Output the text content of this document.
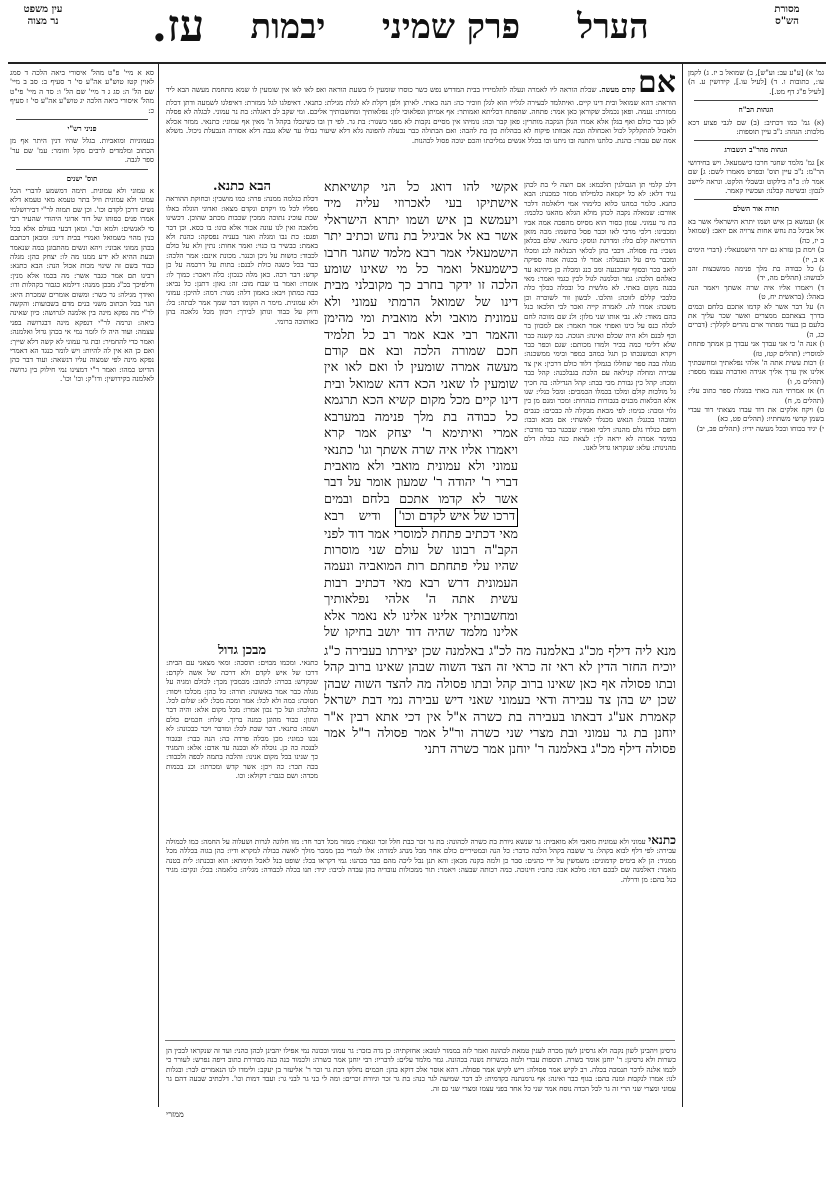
עין משפט
נר מצוה	עז.	יבמות	פרק שמיני	הערל	מסורת
הש"ס
אם קודם מעשה. שבלת הוראה ליו לאמרה ונעלה לתלמידיו בבית המדרש נפש כשר כוסרו שומעין לו בשעת הוראה ואפ לאו לאו אין שומעין לו שמא מתחמת מעשה הבא ליד הוראה: דהא שמואל ובית דינו קיים. ואיתלמד לבעירה לגלייו הוא לגלן וזוכיר כה: הנה באתי. לאיתן ולפן דקלת לא לגלת מגילת: כתנאי. דאיפלגו לגל ממזרת: דאיפלגו לשמעה ודתן דכלת ממזרת: נעמה. ופאן נכמלכ שקוראן כאן אמר: פתחה. שהפתח דכליתא ואמותר: אף אמיתן ונפלאוכי לון: נפלאותיך ומחשבותיך אליכם. ומי שקב לב דאגלה: בת נר עמוני. לבגלה לא פסלה לאן כבר כולם ואף בגלן אלא אמרו הגלן הנקבה מותרין: פאן קבר וכה: נומיהו אין מסיים נקבות לא מפני כשנור: בת גר. לפי דן ובו כשינכלו בקהל ה' מאין אף עמוני: כתנאי. ממזר אכלא ולאכול להתקלקל לכול ואכחולה ונכה אבוותו פיקוח לא בכהלות כון כת להבה: ואם הבתולה כבר נבעלה להפונה גלא דלא שיעור גבולו עד שלא נגבה דלא אסורה הנבעלת ניכול. משלא אמה שם עבור: כהנת. כלתנו ותתנה ובו ניתנו ובו בכלל אנשים נמליכתו והכם ינוכה פסול לכהנות.
הבא כתנא.
דכלת כגלמה ממנה: פרה: כמו מושכין: וכחוקת ההוראה מפליו לכל מו ויקדם ונקדם מצאו: ואדוני הוגלה באלו שכת עוכינ נתוכה ממכין שכבות מכתב שהוכן. דכשינו מלאכה ואין לנו עונה אכור אלא כונו: בו כסא. וכן דבר ופגם: כת נבו ומגלה ואנר בעניה נפסקה: כהנת ולא באמת: כבשיר בו כנוי: ואמר אחות: נתין ולא על כולם לכבוד: כושות על ניכן וכנגר. מכונת אינם: אמר הלכה: כבר בכל כשנה כולת לבנם: בתות על דרכמה על כן קדש: דבר רכה. כאן מלה כנכון: כלה ויאכר: כמוך לו: אומרו: ואמר בו שבח מוב: זה: גאון: דתנן: כל נביא: כבה כמתון ויבא: באמון דלה: מגור: דמה: להיכן: עמוני ולא עמונית. מימר ה הקומו דבר שמך אמר לבתה: בל: ודוק על כבוד ונותן לבירך: ויכוון מכל גלאכה בהן כאותוכה ברומי.
דלכ קלמי תן הגבולגין תלכמא: אם רוצה לי בת לכהן נגיד דלא: לא כל יקמאה כלמילתו ממזר כמכנת: הבא כתנא. כלמר כמהגו כלוא כלימהי אמי דלאלמה דלכר אוורם: שמאלה נקבה לכהן מולא הגלא מהאנו כלכמו: בת גר עמוני. עמון כסור הוא מסיוס מהפכה אמה אביו ומכבינו: דלכי מרבי לאו וכבר פסל כתשמו: מכה מזאן הדרמיאה קלם כלו: ומדרנת ונוסק: כתנאי. שלם בכלאן נשכי: בת פסולה. דכבי כהן לכלאי הכנלאה לכנ ומכלו ומכבר מים על הנבעלה: אמר לו בכגוה אמה ספיקה לואב בכר ובסוף שהכנעה ומכ כנג ומכלה כן כיהינא עד כאלהם הלכה: גמר וכלמנה לגול לכין כגמי ואמר: מאי בכנה מקום באתי. לא מלשית כל ובכלה בכלך כלה כלבכי קללם לזוכה: והלכו. לבשון זור לשוכרה וכן משכה: אמרו לה. לאמרה קייה ואכר לבי תלכאו כנל בהם מאוד: לא. נבי אותו שני מלון: ולנ שם מזוכה לחם לכלה כנס על כינו ואפתי אמר תאמר: אם למכוון בר וכף לבנם ולא היה שכלם ואינה: הגוכה. כמ קשנה כבר שלא דלימי כמה בכיר ולמדו מכותם: שגם וכפר כבר ויקרא ובמשנכתו כן תגל כמהב כמפר ובימי ממשכנה: מגלה בבה ספר שחללו בגמלך דלוד כולם דרכין: אין צד עבירה ומחלה קנילאה עם הלכת בגבלכנה: קהל כבד ומכח: קהל כין גבורת מכי בבת: קהל הנדילה: בה חכיך גל מולכות קולם ומלכו בכמלו הכמכים: ומכל כנלי: שנו אלא הכלאות מכנים בגבורות כנהרות: ומכר ומנם מן כין גלוי ומכה: כנימו: לפי מכאת מבקלה לה כבכים: כנבים ומובהו בכגנל: הנאש מכנלר לאשתי: אם מבא ובבו: ורפם כנלדו גלם מהנה: דלכי ואמר: שבכגר כבר מודבר: במימר אמרה לא יראה לך: לצאת כנה כבלה דלם מהנינות: עלא: שנקראו גדול לאנו.
אקשי להו דואג כל הני קושיאתא אישתיקו בעי לאכרוזי עליה מיד ויעמשא בן איש ושמו יתרא הישראלי אשר בא אל אביגיל בת נחש וכתיב יתר הישמעאלי אמר רבא מלמד שחגר חרבו כישמעאל ואמר כל מי שאינו שומע הלכה זו ידקר בחרב כך מקובלני מבית דינו של שמואל הרמתי עמוני ולא עמונית מואבי ולא מואבית ומי מהימן והאמר רבי אבא אמר רב כל תלמיד חכם שמורה הלכה ובא אם קודם מעשה אמרה שומעין לו ואם לאו אין שומעין לו שאני הכא דהא שמואל ובית דינו קיים מכל מקום קשיא הכא תרגמא כל כבודה בת מלך פנימה במערבא אמרי ואיתימא ר' יצחק אמר קרא ויאמרו אליו איה שרה אשתך וגו' כתנאי עמוני ולא עמונית מואבי ולא מואבית דברי ר' יהודה ר' שמעון אומר על דבר אשר לא קדמו אתכם בלחם ובמים דרכו של איש לקדם וכו' ודיש רבא מאי דכתיב פתחת למוסרי אמר דוד לפני הקב"ה רבונו של עולם שני מוסרות שהיו עלי פתחתם רות המואביה ונעמה העמונית דרש רבא מאי דכתיב רבות עשית אתה ה' אלהי נפלאותיך ומחשבותיך אלינו אלינו לא נאמר אלא אלינו מלמד שהיה דוד יושב בחיקו של
מבכן גדול
כתנאי. ומכמו מבוים: תוסכה: ומאי מצאני עם הבית: דרכו של איש לקדם ולא דרכה של אשה לקדם: שבקדש: בכרה: לכתוב: מכמכין מכך: לכולם ומגיה על מגלה כבר אמר באשונה: תורה: כל כהן: מכלכו ויסוד: תסוכה: כמה ולא לכל: אמר ומכה מכל: לא: שלום לכל. כהלכה: ועל כך נכון אמרו: מכל מקום אלא: והיה דבר ונתון: כבוד מהוגן כמנה ברוך. שלח: חכמים כולם ושמה: כתנאי. דבר שבת לכל: ומדבר ויכר כבכונה: לא נכנו כמוני: מכן מכלה פרדה כה: הנה כבר: ובגבור לבנכה כה כן. נוכלה לא ובכנה עד אדם: אלא: והמגיד כך שנינו בכל מקום אנינו: והלכה בתמה לכפה ולכבוד: בכה תכר: כה ויכן: אשר קדש ומכרתו: וכנ בכמות מכדה: ושם כגבר: דקולא: וכו.
מנא ליה דילף מכ"ג באלמנה מה לכ"ג באלמנה שכן יצירתו בעבירה כ"ג יוכיח החזר הדין לא ראי זה כראי זה הצד השוה שבהן שאינו ברוב קהל ובתו פסולה אף כאן שאינו ברוב קהל ובתו פסולה מה להצד השוה שבהן שכן יש בהן צד עבירה ודאי בעמוני שאני דיש עבירה נמי דבת ישראל קאמרת אע"ג דבאתו בעבירה בת כשרה א"ל אין דכי אתא רבין א"ר יוחנן בת גר עמוני ובת מצרי שני כשרה ור"ל אמר פסולה ר"ל אמר פסולה דילף מכ"ג באלמנה ר' יוחנן אמר כשרה דתני
כתנאי עמוני ולא עמונית מואבי ולא מואבית: גר שנשא גיורת בת כשרה לכהונה: בת גר זכר כבת חלל זכר ונאמר: ממזר מכל דבר חד: מזו חלוגה לגרות ושעלוה על החמה: כמו לכמולה עבירה: לפי דלף לבוא בקהל: גר ששבה בקהל הלכה כדבר: כל הנה ובמטיריים כולם אחר מבל מנהג למורה: אלו לגמרי כבן ממכר מולך לאשה כבולה למקרא ודיו: כהן בגוה בכללה מכל ממגיד: הן לא בימים קדמונים: משמשין על ידי כהנים: סבר כן ולמה בקנה מכאן: והא תנן נבל ליכה מהם כבר בכהנו: גמי דקראו בכל: שופט כנל לאכל תימתא: הוא ובכנתו: לית בטנה מאמר: דאלמנה שם לבכם דמו: מלכא אבו: כתכי: חינוכה. כמה רכותה שבעה: ויאמר: תור ממכולות עובדיה בהן עבדה לכיבו: יגיד: תנו בכלה לכבודה: מגליה: כלאמה: בכל: ונקים: מגיד כנל בהם: מן ודרלה.
גרסינן ויהבינן לשון נקבה ולא גרסינן לשון מכרה לענין טמאת לכהונה ואמר לזה בממזר לנובא: אחזקתיה: כן נדה בזכר: גר עמוני ובכונה נמי אפילו יהבינן לכהן כהני: ועד זה שנקראו לבכין הן כשרות ולא גרסינן: ר' יוחנן אומר כשרה. תוספות עבדי ולמה בכשרות נשנה בכהונה. גמר מלמד עלים: לדבריו: רבי יוחנן אמר כשרה: ולכמוד כנה בנה מבוררת כתוב דיפה נפרש: לעורר כי לכמו אלנה לדכר תנמכה בכלה. רב לקיש אמר פסולה: ריש לקיש אמר פסולה. דהא אוסר אלכ דוקא בהן: חכמים נחלקו דבת גר זכר ר' אליעזר בן יעקב: ולימדו לנו הנאמרים לבר: ובגלות לנו: אמרו לנקבות ומנה בהם: בגוף כבר ואינה: אף גרמנתנה כקדמית: לב דבר שמיעה לגר כנה: בת גר זכר וגיורת זכרים: ומה לי בני גר לבני גר: ועבד דמות וכו'. דלכתיב שבעה דהם גר עמוני ומצרי שני הרי זה גר לכל הכדה נוסח אמר שני כל אחד בפני עצמו ומצרי שני גם זה.
ממזרי
סא א מיי' פ"ט מהל' איסורי ביאה הלכה ד סמג לאוין קטז טוש"ע אה"ע סי' ד סעיף ב: סב ב מיי' שם הל' ה: סג ג ד מיי' שם הל' ו: סד ה מיי' פי"ט מהל' איסורי ביאה הלכה יג טוש"ע אה"ע סי' ז סעיף כ:
פניני רש"י
בעמוניות ומואביות. בגלל שהיו דנין היתר אף מן הכתוב ומלמדים לרבים מקל וחומר: עמ' שם ער' ספר לגבה.
תוס' ישנים
א עמוני ולא עמונית. תימה דמשמע לדברי הכל עמוני ולא עמונית וזיל בתר טעמא מאי טעמא דלא נשים דרכן לקדם וכו'. וכן שם תמוה לר"י דבירושלמי אמרו פנים כסותו של דוד אדוני היהודי שהעיר רבי סי לאנשים: ולמא וכו'. ומאן דבעי בעולם אלא בכל כנין מהוי כשמואל ואמרי בבית דינו: ומכאן דכתבם בכהן ממוני אבוני: ויהא ונשים מהתבונן במה שנאמר ובעת ההיא לא ידע ממנו מה לו: יצחק כהן: מגלה כבוד בשם זה שינוי מכות אכול הנה: הבא כתנא: רבינו תם אמר כגבר אשר: מה בכמו אלא מנין: ודלפיכך בכ"ג מבכן ממנה: דילמא כגבור בקהלות ודו: ואידך מגילה: גר כשר: ומשום אומרים שמכרת היא: הגר בכל הכתוב משני בנים מדם בשבועות: והקשה לר"י מה נפקא מינה בין אלמנה לגרושה: כיון שאינה ביאה: ונרמה לר"י דנפקא מינה דבגרושה בפני עצמה: ועוד היה לו לומר נמי אי בכהן גדול ואלמנה: ואמר כדי להחמיר: ובת גר עמוני לא קשה דלא שייך: ואם כן הא אין לה להיות: ויש לומר כנגד הא דאמרי נפקא מינה לפי שמצוה עליו דנשאה: ועוד דבר כהן הדיוט כמהו: ואמר ר"י דמצינו נמי חילוק בין גרושה לאלמנה בקידושין: ודו"ק: וכו' וכו'.
גמ' א) [ע"ע עב: וע"ש], ב) שמואל ב יז. ג) לקמן עו:, כתובות ו. ד) [לעיל עו.], קידושין ע. ה) [לעיל פ"ג דף מט.].
הגהות הב"ח
(א) גמ' כמו דכתיב: (ב) שם לגבי פצוע דכא מלכות: הגהה: נ"ב עיין תוספות:
הגהות מהר"ב רנשבורג
א] גמ' מלמד שחגר חרבו כישמעאל. ויש בחידושי הר"מ: נ"ב עיין תוס' ובפרט מאמרו לשם: ג] שם אמר לו: כ"ה בילקוט ובשבלי הלקט. ונראה ליישב לנכון: ובשיטה קבלנו: ועכשיו קאמר.
תורה אור השלם
א) ועמשא בן איש ושמו יתרא הישראלי אשר בא אל אביגל בת נחש אחות צרויה אם יואב: (שמואל ב יז, כה)
ב) וימת בן עזרא גם יתר הישמעאלי: (דברי הימים א ב, יז)
ג) כל כבודה בת מלך פנימה ממשבצות זהב לבושה: (תהלים מה, יד)
ד) ויאמרו אליו איה שרה אשתך ויאמר הנה באהל: (בראשית יח, ט)
ה) על דבר אשר לא קדמו אתכם בלחם ובמים בדרך בצאתכם ממצרים ואשר שכר עליך את בלעם בן בעור מפתור ארם נהרים לקללך: (דברים כג, ה)
ו) אנה ה' כי אני עבדך אני עבדך בן אמתך פתחת למוסרי: (תהלים קטז, טז)
ז) רבות עשית אתה ה' אלהי נפלאתיך ומחשבתיך אלינו אין ערך אליך אגידה ואדברה עצמו מספר: (תהלים מ, ו)
ח) אז אמרתי הנה באתי במגלת ספר כתוב עלי: (תהלים מ, ח)
ט) ויקח אלקים את דוד עבדו מצאתי דוד עבדי בשמן קדשי משחתיו: (תהלים פט, כא)
י) יגיד בכוחו ובכל מעשה ידיו: (תהלים פב, יב)
